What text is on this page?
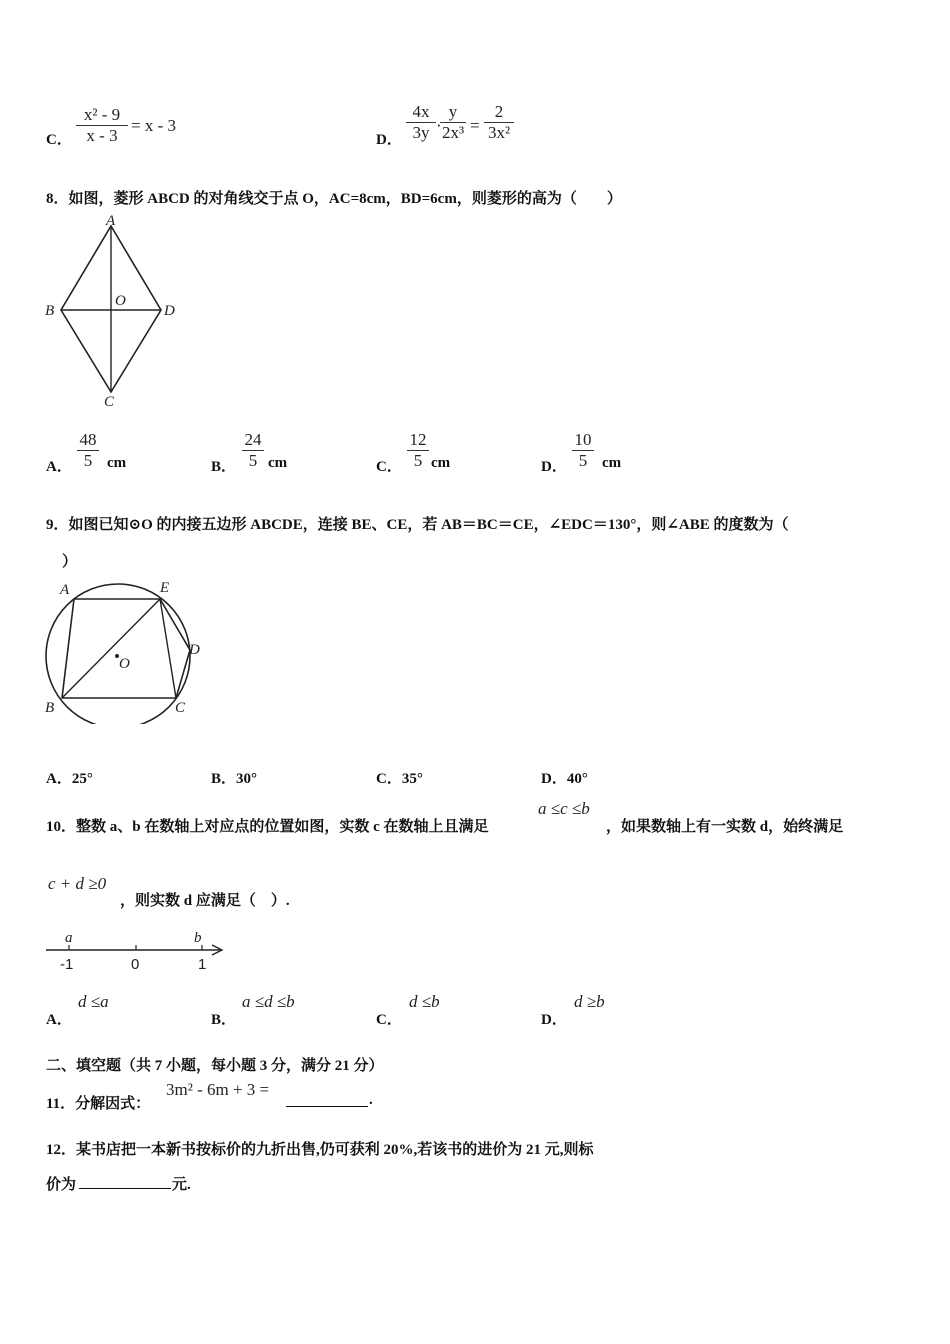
C． $\frac{\text{x² - 9}}{x - 3} = x - 3$
D． $\frac{4x}{3y}$ ·
$\frac{y}{\text{2x³}} = \frac{2}{\text{3x²}}$
8．如图，菱形 ABCD 的对角线交于点 O，AC=8cm，BD=6cm，则菱形的高为（　　）
A
B	D
C
O
A． $\frac{48}{5}$ cm	B． $\frac{24}{5}$ cm	C． $\frac{12}{5}$ cm	D． $\frac{10}{5}$ cm
9．如图已知⊙O 的内接五边形 ABCDE，连接 BE、CE，若 AB＝BC＝CE，∠EDC＝130°，则∠ABE 的度数为（
）
A	E
D
C
B
O
A．25°	B．30°	C．35°	D．40°
10．整数 a、b 在数轴上对应点的位置如图，实数 c 在数轴上且满足
a ≤c ≤b
，如果数轴上有一实数 d，始终满足
c + d ≥0
，则实数 d 应满足（　）.
a	b
-1	0	1
A．
d ≤a
B．
a ≤d ≤b
C．
d ≤b
D．
d ≥b
二、填空题（共 7 小题，每小题 3 分，满分 21 分）
11．分解因式：
3m² - 6m + 3 =
.
12．某书店把一本新书按标价的九折出售,仍可获利 20%,若该书的进价为 21 元,则标
价为	元.
